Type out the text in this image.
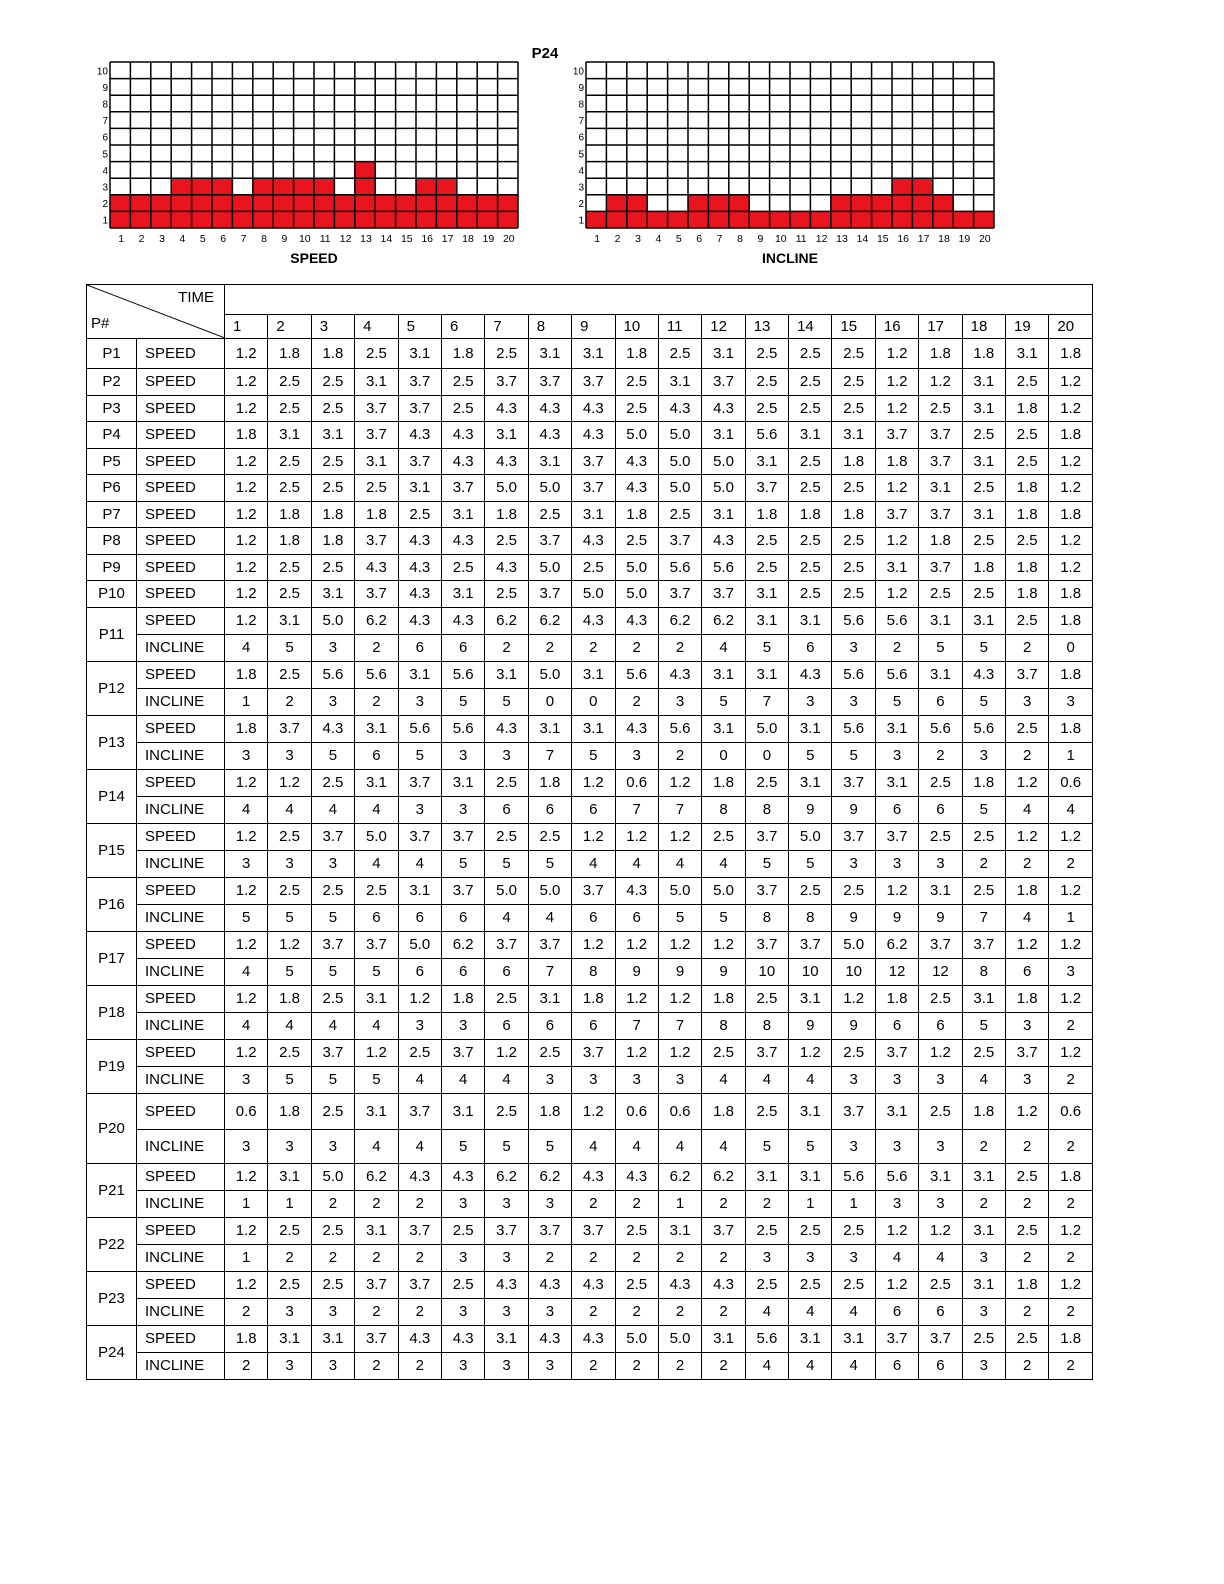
P24
1
2
3
4
5
6
7
8
9
10
1 2 3 4 5 6 7 8 9 10 11 12 13 14 15 16 17 18 19 20
SPEED
1
2
3
4
5
6
7
8
9
10
1 2 3 4 5 6 7 8 9 10 11 12 13 14 15 16 17 18 19 20
INCLINE
TIME
P#																					

		1	2	3	4	5	6	7	8	9	10	11	12	13	14	15	16	17	18	19	20
P1	SPEED	1.2	1.8	1.8	2.5	3.1	1.8	2.5	3.1	3.1	1.8	2.5	3.1	2.5	2.5	2.5	1.2	1.8	1.8	3.1	1.8
P2	SPEED	1.2	2.5	2.5	3.1	3.7	2.5	3.7	3.7	3.7	2.5	3.1	3.7	2.5	2.5	2.5	1.2	1.2	3.1	2.5	1.2
P3	SPEED	1.2	2.5	2.5	3.7	3.7	2.5	4.3	4.3	4.3	2.5	4.3	4.3	2.5	2.5	2.5	1.2	2.5	3.1	1.8	1.2
P4	SPEED	1.8	3.1	3.1	3.7	4.3	4.3	3.1	4.3	4.3	5.0	5.0	3.1	5.6	3.1	3.1	3.7	3.7	2.5	2.5	1.8
P5	SPEED	1.2	2.5	2.5	3.1	3.7	4.3	4.3	3.1	3.7	4.3	5.0	5.0	3.1	2.5	1.8	1.8	3.7	3.1	2.5	1.2
P6	SPEED	1.2	2.5	2.5	2.5	3.1	3.7	5.0	5.0	3.7	4.3	5.0	5.0	3.7	2.5	2.5	1.2	3.1	2.5	1.8	1.2
P7	SPEED	1.2	1.8	1.8	1.8	2.5	3.1	1.8	2.5	3.1	1.8	2.5	3.1	1.8	1.8	1.8	3.7	3.7	3.1	1.8	1.8
P8	SPEED	1.2	1.8	1.8	3.7	4.3	4.3	2.5	3.7	4.3	2.5	3.7	4.3	2.5	2.5	2.5	1.2	1.8	2.5	2.5	1.2
P9	SPEED	1.2	2.5	2.5	4.3	4.3	2.5	4.3	5.0	2.5	5.0	5.6	5.6	2.5	2.5	2.5	3.1	3.7	1.8	1.8	1.2
P10	SPEED	1.2	2.5	3.1	3.7	4.3	3.1	2.5	3.7	5.0	5.0	3.7	3.7	3.1	2.5	2.5	1.2	2.5	2.5	1.8	1.8
P11	SPEED	1.2	3.1	5.0	6.2	4.3	4.3	6.2	6.2	4.3	4.3	6.2	6.2	3.1	3.1	5.6	5.6	3.1	3.1	2.5	1.8
	INCLINE	4	5	3	2	6	6	2	2	2	2	2	4	5	6	3	2	5	5	2	0
P12	SPEED	1.8	2.5	5.6	5.6	3.1	5.6	3.1	5.0	3.1	5.6	4.3	3.1	3.1	4.3	5.6	5.6	3.1	4.3	3.7	1.8
	INCLINE	1	2	3	2	3	5	5	0	0	2	3	5	7	3	3	5	6	5	3	3
P13	SPEED	1.8	3.7	4.3	3.1	5.6	5.6	4.3	3.1	3.1	4.3	5.6	3.1	5.0	3.1	5.6	3.1	5.6	5.6	2.5	1.8
	INCLINE	3	3	5	6	5	3	3	7	5	3	2	0	0	5	5	3	2	3	2	1
P14	SPEED	1.2	1.2	2.5	3.1	3.7	3.1	2.5	1.8	1.2	0.6	1.2	1.8	2.5	3.1	3.7	3.1	2.5	1.8	1.2	0.6
	INCLINE	4	4	4	4	3	3	6	6	6	7	7	8	8	9	9	6	6	5	4	4
P15	SPEED	1.2	2.5	3.7	5.0	3.7	3.7	2.5	2.5	1.2	1.2	1.2	2.5	3.7	5.0	3.7	3.7	2.5	2.5	1.2	1.2
	INCLINE	3	3	3	4	4	5	5	5	4	4	4	4	5	5	3	3	3	2	2	2
P16	SPEED	1.2	2.5	2.5	2.5	3.1	3.7	5.0	5.0	3.7	4.3	5.0	5.0	3.7	2.5	2.5	1.2	3.1	2.5	1.8	1.2
	INCLINE	5	5	5	6	6	6	4	4	6	6	5	5	8	8	9	9	9	7	4	1
P17	SPEED	1.2	1.2	3.7	3.7	5.0	6.2	3.7	3.7	1.2	1.2	1.2	1.2	3.7	3.7	5.0	6.2	3.7	3.7	1.2	1.2
	INCLINE	4	5	5	5	6	6	6	7	8	9	9	9	10	10	10	12	12	8	6	3
P18	SPEED	1.2	1.8	2.5	3.1	1.2	1.8	2.5	3.1	1.8	1.2	1.2	1.8	2.5	3.1	1.2	1.8	2.5	3.1	1.8	1.2
	INCLINE	4	4	4	4	3	3	6	6	6	7	7	8	8	9	9	6	6	5	3	2
P19	SPEED	1.2	2.5	3.7	1.2	2.5	3.7	1.2	2.5	3.7	1.2	1.2	2.5	3.7	1.2	2.5	3.7	1.2	2.5	3.7	1.2
	INCLINE	3	5	5	5	4	4	4	3	3	3	3	4	4	4	3	3	3	4	3	2
P20	SPEED	0.6	1.8	2.5	3.1	3.7	3.1	2.5	1.8	1.2	0.6	0.6	1.8	2.5	3.1	3.7	3.1	2.5	1.8	1.2	0.6
	INCLINE	3	3	3	4	4	5	5	5	4	4	4	4	5	5	3	3	3	2	2	2
P21	SPEED	1.2	3.1	5.0	6.2	4.3	4.3	6.2	6.2	4.3	4.3	6.2	6.2	3.1	3.1	5.6	5.6	3.1	3.1	2.5	1.8
	INCLINE	1	1	2	2	2	3	3	3	2	2	1	2	2	1	1	3	3	2	2	2
P22	SPEED	1.2	2.5	2.5	3.1	3.7	2.5	3.7	3.7	3.7	2.5	3.1	3.7	2.5	2.5	2.5	1.2	1.2	3.1	2.5	1.2
	INCLINE	1	2	2	2	2	3	3	2	2	2	2	2	3	3	3	4	4	3	2	2
P23	SPEED	1.2	2.5	2.5	3.7	3.7	2.5	4.3	4.3	4.3	2.5	4.3	4.3	2.5	2.5	2.5	1.2	2.5	3.1	1.8	1.2
	INCLINE	2	3	3	2	2	3	3	3	2	2	2	2	4	4	4	6	6	3	2	2
P24	SPEED	1.8	3.1	3.1	3.7	4.3	4.3	3.1	4.3	4.3	5.0	5.0	3.1	5.6	3.1	3.1	3.7	3.7	2.5	2.5	1.8
	INCLINE	2	3	3	2	2	3	3	3	2	2	2	2	4	4	4	6	6	3	2	2
